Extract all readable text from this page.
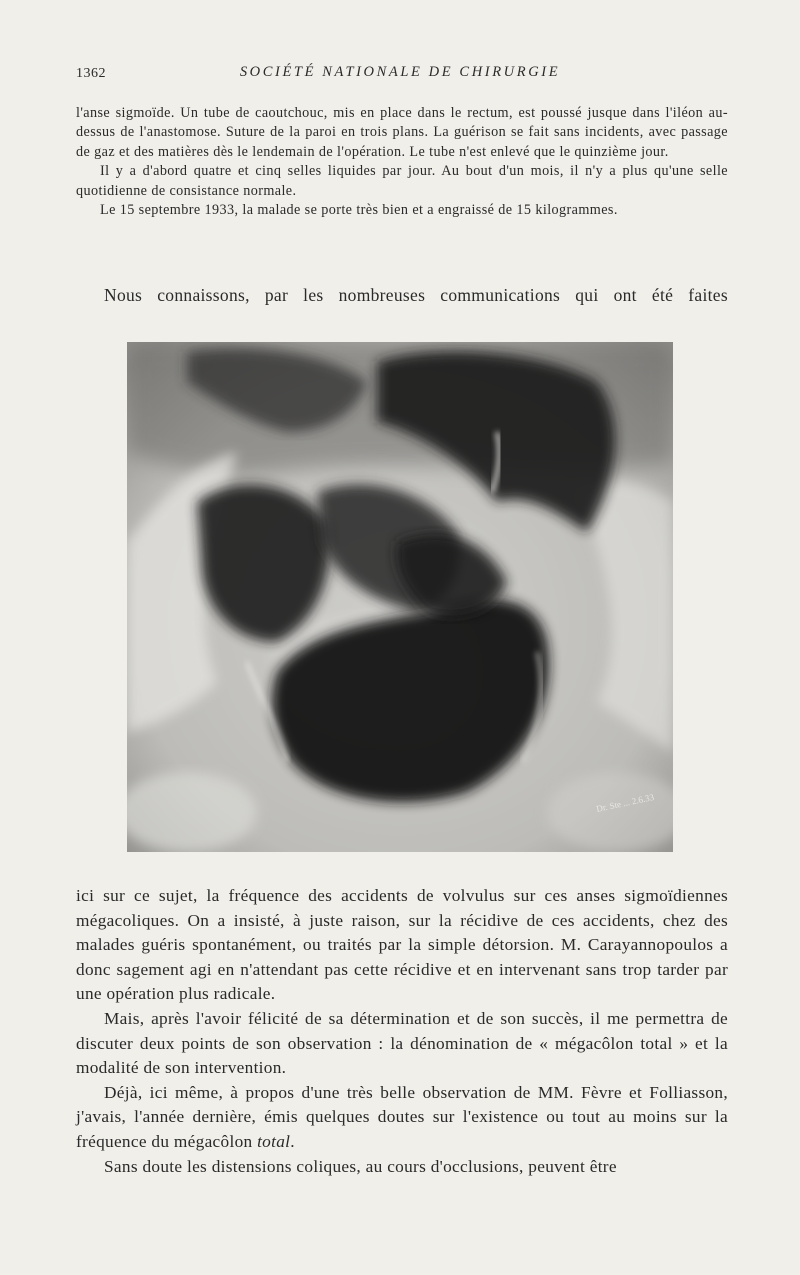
1362	SOCIÉTÉ NATIONALE DE CHIRURGIE

l'anse sigmoïde. Un tube de caoutchouc, mis en place dans le rectum, est poussé jusque dans l'iléon au-dessus de l'anastomose. Suture de la paroi en trois plans. La guérison se fait sans incidents, avec passage de gaz et des matières dès le lendemain de l'opération. Le tube n'est enlevé que le quinzième jour.

Il y a d'abord quatre et cinq selles liquides par jour. Au bout d'un mois, il n'y a plus qu'une selle quotidienne de consistance normale.

Le 15 septembre 1933, la malade se porte très bien et a engraissé de 15 kilogrammes.

Nous connaissons, par les nombreuses communications qui ont été faites
Dr. Ste ... 2.6.33

ici sur ce sujet, la fréquence des accidents de volvulus sur ces anses sigmoïdiennes mégacoliques. On a insisté, à juste raison, sur la récidive de ces accidents, chez des malades guéris spontanément, ou traités par la simple détorsion. M. Carayannopoulos a donc sagement agi en n'attendant pas cette récidive et en intervenant sans trop tarder par une opération plus radicale.

Mais, après l'avoir félicité de sa détermination et de son succès, il me permettra de discuter deux points de son observation : la dénomination de « mégacôlon total » et la modalité de son intervention.

Déjà, ici même, à propos d'une très belle observation de MM. Fèvre et Folliasson, j'avais, l'année dernière, émis quelques doutes sur l'existence ou tout au moins sur la fréquence du mégacôlon total.

Sans doute les distensions coliques, au cours d'occlusions, peuvent être
